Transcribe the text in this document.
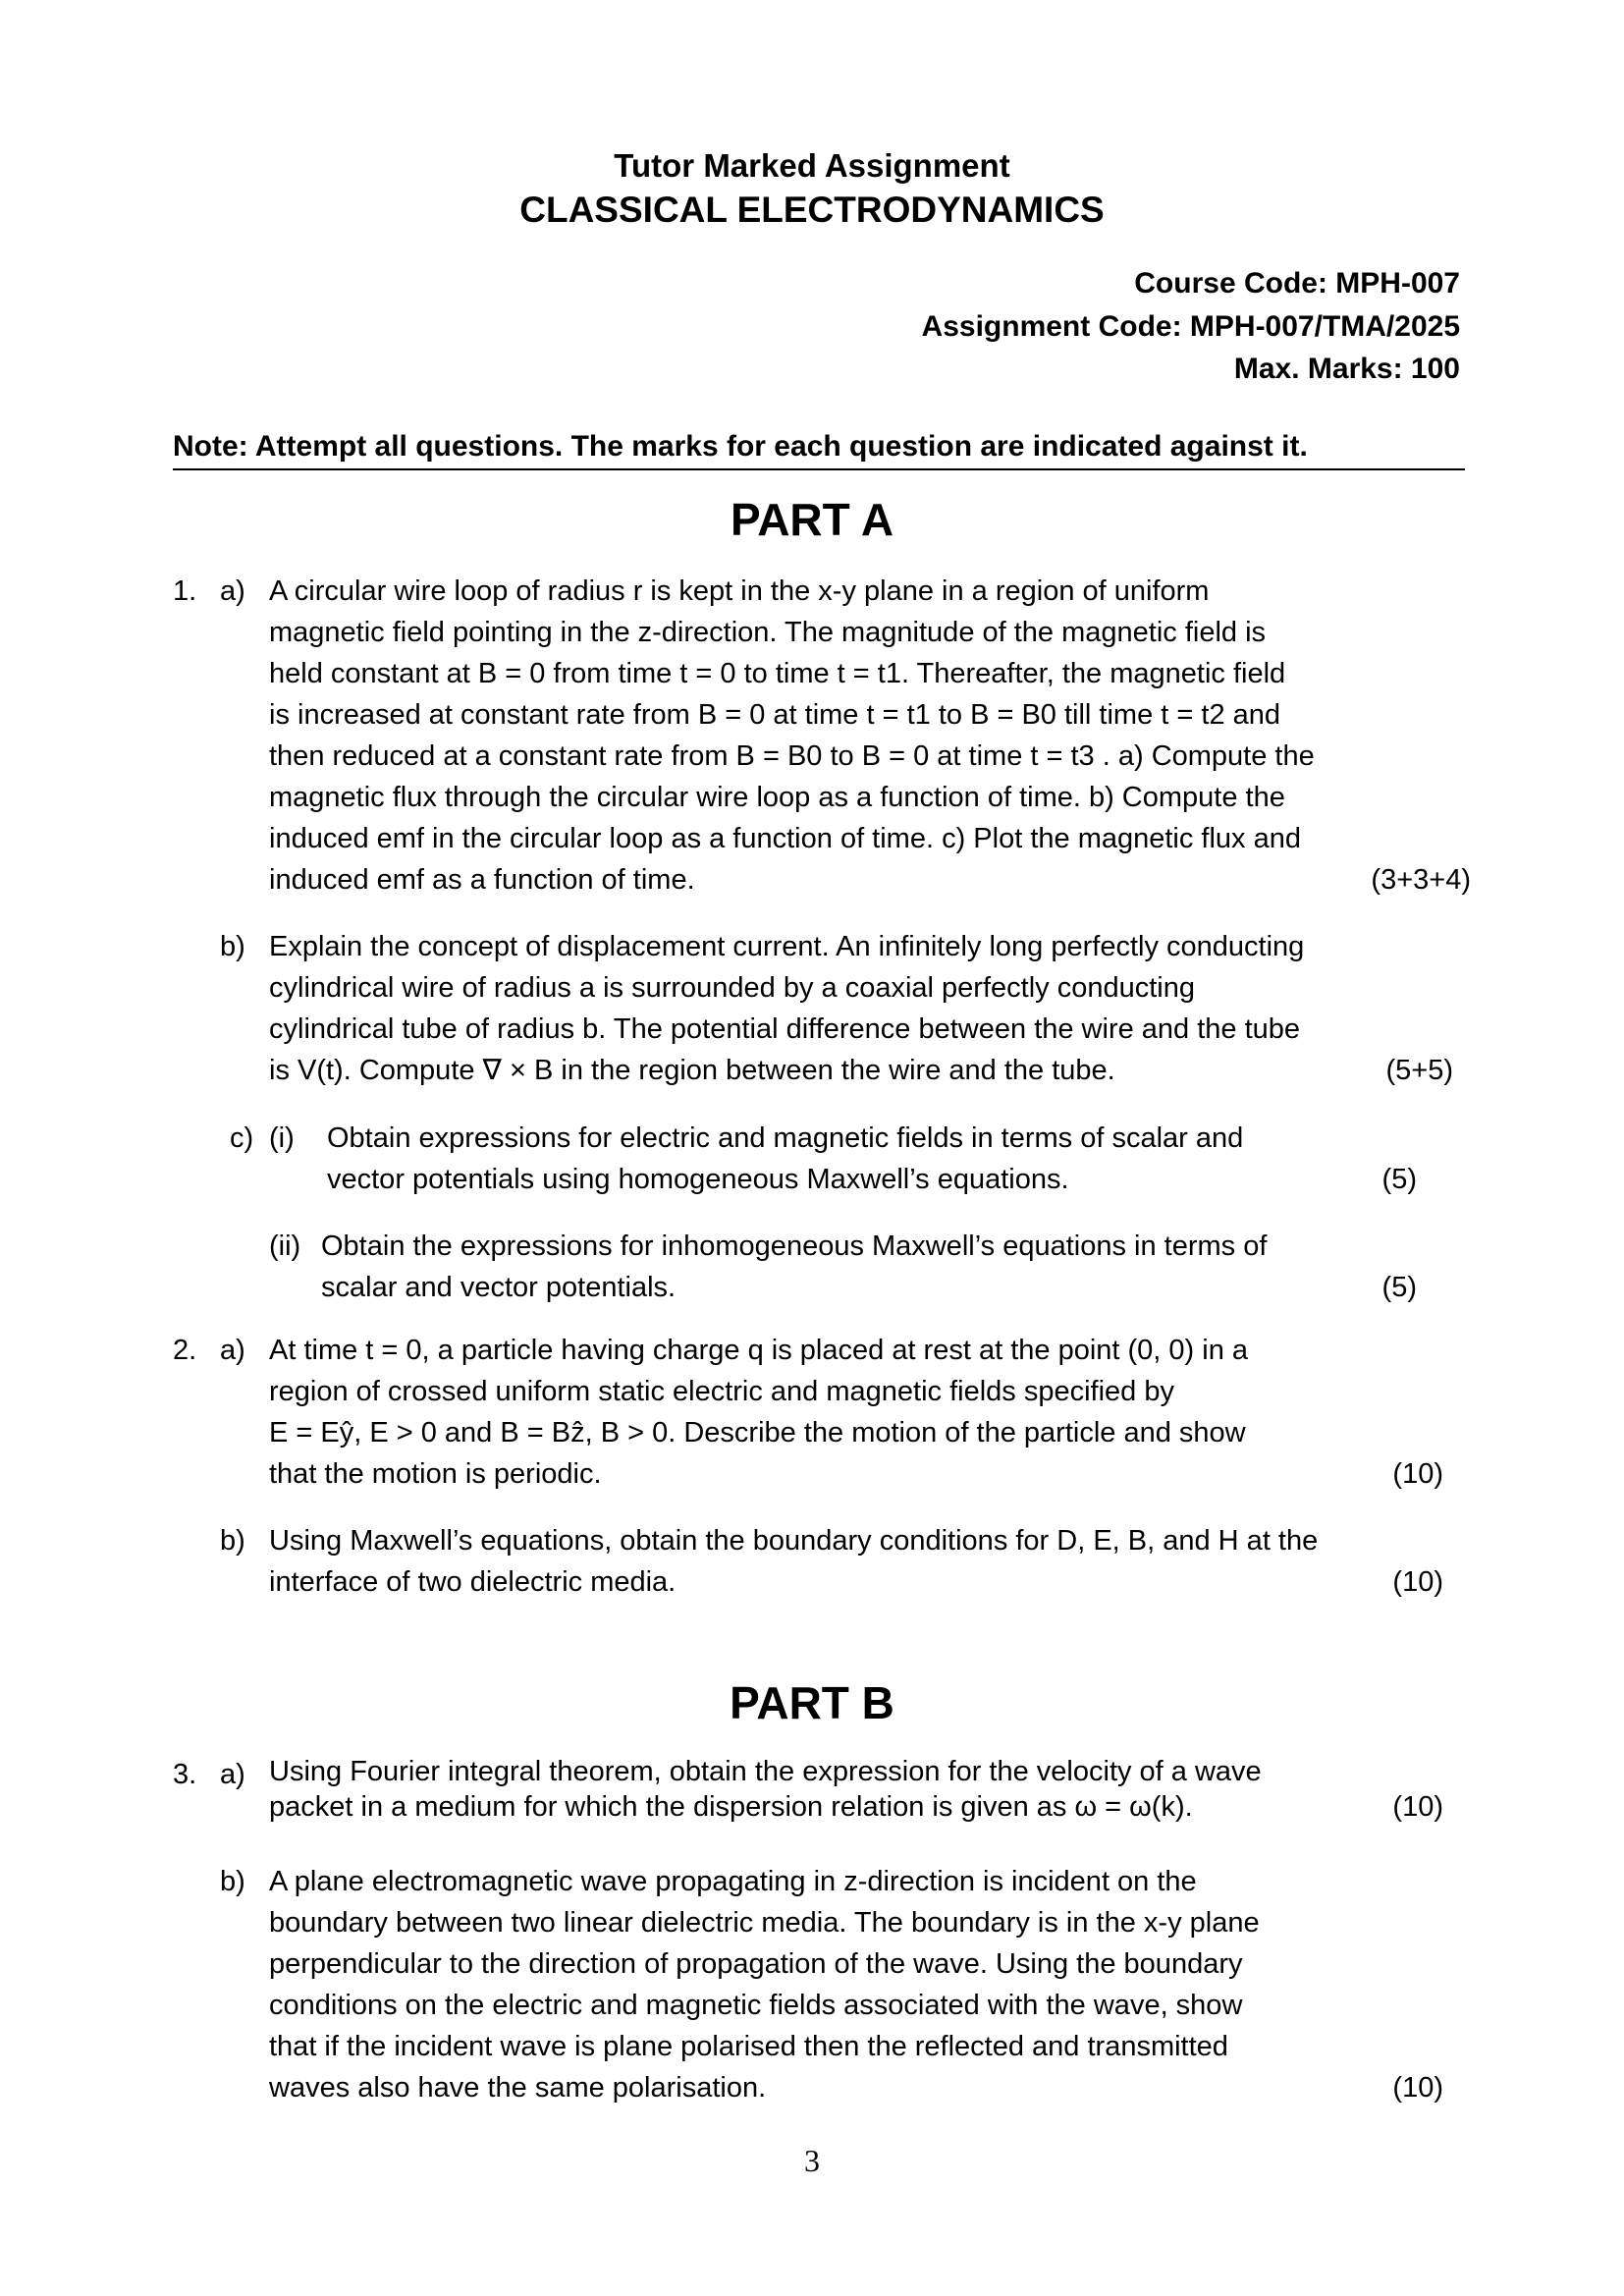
Tutor Marked Assignment
CLASSICAL ELECTRODYNAMICS
Course Code: MPH-007
Assignment Code: MPH-007/TMA/2025
Max. Marks: 100
Note: Attempt all questions. The marks for each question are indicated against it.
PART A
1. a) A circular wire loop of radius r is kept in the x-y plane in a region of uniform
magnetic field pointing in the z-direction. The magnitude of the magnetic field is
held constant at B = 0 from time t = 0 to time t = t1. Thereafter, the magnetic field
is increased at constant rate from B = 0 at time t = t1 to B = B0 till time t = t2 and
then reduced at a constant rate from B = B0 to B = 0 at time t = t3 . a) Compute the
magnetic flux through the circular wire loop as a function of time. b) Compute the
induced emf in the circular loop as a function of time. c) Plot the magnetic flux and
induced emf as a function of time.	(3+3+4)
b) Explain the concept of displacement current. An infinitely long perfectly conducting
cylindrical wire of radius a is surrounded by a coaxial perfectly conducting
cylindrical tube of radius b. The potential difference between the wire and the tube
is V(t). Compute ∇ × B in the region between the wire and the tube.	(5+5)
c) (i) Obtain expressions for electric and magnetic fields in terms of scalar and
vector potentials using homogeneous Maxwell’s equations.	(5)
(ii) Obtain the expressions for inhomogeneous Maxwell’s equations in terms of
scalar and vector potentials.	(5)
2. a) At time t = 0, a particle having charge q is placed at rest at the point (0, 0) in a
region of crossed uniform static electric and magnetic fields specified by
E = Eŷ, E > 0 and B = Bẑ, B > 0. Describe the motion of the particle and show
that the motion is periodic.	(10)
b) Using Maxwell’s equations, obtain the boundary conditions for D, E, B, and H at the
interface of two dielectric media.	(10)
PART B
3. a) Using Fourier integral theorem, obtain the expression for the velocity of a wave
packet in a medium for which the dispersion relation is given as ω = ω(k).	(10)
b) A plane electromagnetic wave propagating in z-direction is incident on the
boundary between two linear dielectric media. The boundary is in the x-y plane
perpendicular to the direction of propagation of the wave. Using the boundary
conditions on the electric and magnetic fields associated with the wave, show
that if the incident wave is plane polarised then the reflected and transmitted
waves also have the same polarisation.	(10)
3
